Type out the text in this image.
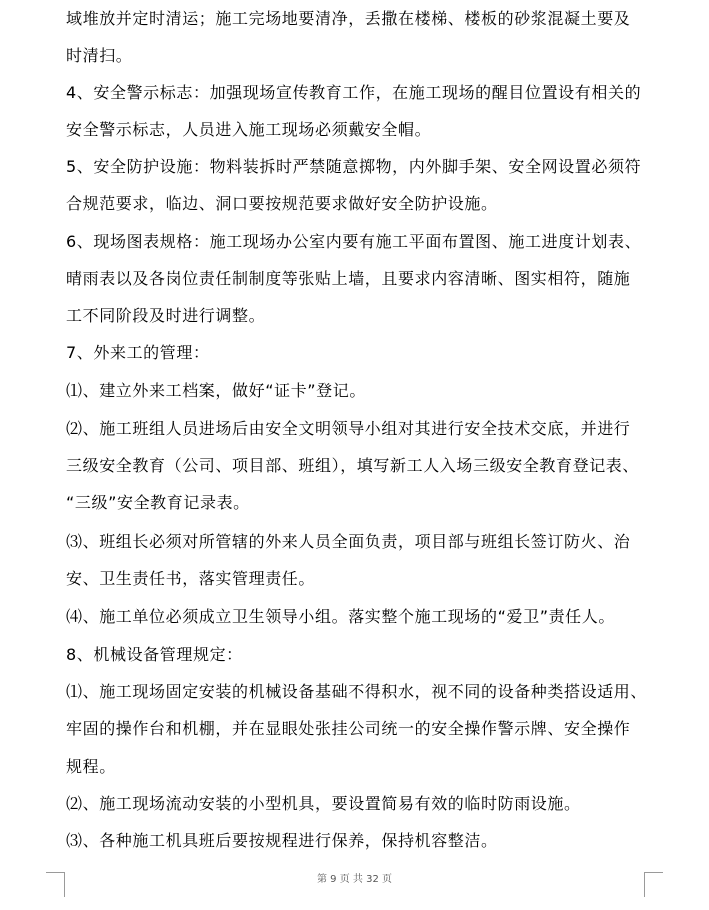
域堆放并定时清运；施工完场地要清净，丢撒在楼梯、楼板的砂浆混凝土要及
时清扫。
4、安全警示标志：加强现场宣传教育工作，在施工现场的醒目位置设有相关的
安全警示标志，人员进入施工现场必须戴安全帽。
5、安全防护设施：物料装拆时严禁随意掷物，内外脚手架、安全网设置必须符
合规范要求，临边、洞口要按规范要求做好安全防护设施。
6、现场图表规格：施工现场办公室内要有施工平面布置图、施工进度计划表、
晴雨表以及各岗位责任制制度等张贴上墙，且要求内容清晰、图实相符，随施
工不同阶段及时进行调整。
7、外来工的管理：
⑴、建立外来工档案，做好“证卡”登记。
⑵、施工班组人员进场后由安全文明领导小组对其进行安全技术交底，并进行
三级安全教育（公司、项目部、班组），填写新工人入场三级安全教育登记表、
“三级”安全教育记录表。
⑶、班组长必须对所管辖的外来人员全面负责，项目部与班组长签订防火、治
安、卫生责任书，落实管理责任。
⑷、施工单位必须成立卫生领导小组。落实整个施工现场的“爱卫”责任人。
8、机械设备管理规定：
⑴、施工现场固定安装的机械设备基础不得积水，视不同的设备种类搭设适用、
牢固的操作台和机棚，并在显眼处张挂公司统一的安全操作警示牌、安全操作
规程。
⑵、施工现场流动安装的小型机具，要设置简易有效的临时防雨设施。
⑶、各种施工机具班后要按规程进行保养，保持机容整洁。
第 9 页 共 32 页
